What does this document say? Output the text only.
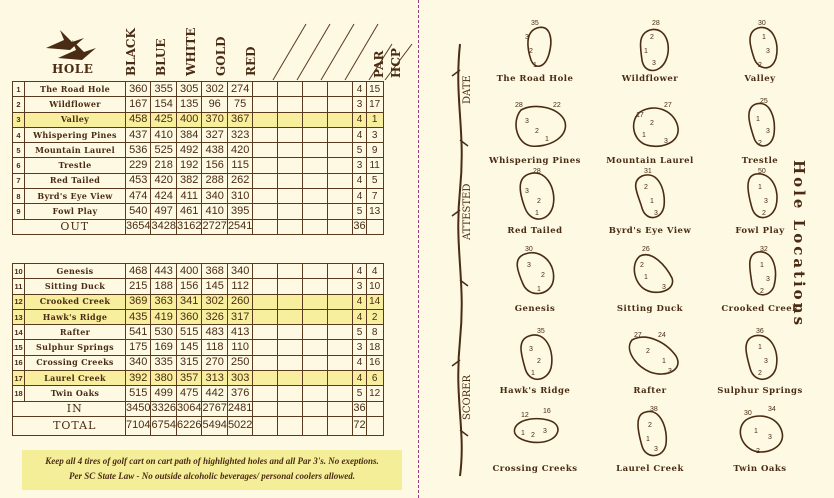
HOLE	BLACK BLUE WHITE GOLD RED	PAR HCP
1	The Road Hole	360	355	305	302	274					4	15
2	Wildflower	167	154	135	96	75					3	17
3	Valley	458	425	400	370	367					4	1
4	Whispering Pines	437	410	384	327	323					4	3
5	Mountain Laurel	536	525	492	438	420					5	9
6	Trestle	229	218	192	156	115					3	11
7	Red Tailed	453	420	382	288	262					4	5
8	Byrd's Eye View	474	424	411	340	310					4	7
9	Fowl Play	540	497	461	410	395					5	13
	OUT	3654	3428	3162	2727	2541					36	
10	Genesis	468	443	400	368	340					4	4
11	Sitting Duck	215	188	156	145	112					3	10
12	Crooked Creek	369	363	341	302	260					4	14
13	Hawk's Ridge	435	419	360	326	317					4	2
14	Rafter	541	530	515	483	413					5	8
15	Sulphur Springs	175	169	145	118	110					3	18
16	Crossing Creeks	340	335	315	270	250					4	16
17	Laurel Creek	392	380	357	313	303					4	6
18	Twin Oaks	515	499	475	442	376					5	12
	IN	3450	3326	3064	2767	2481					36	
	TOTAL	7104	6754	6226	5494	5022					72	
Keep all 4 tires of golf cart on cart path of highlighted holes and all Par 3's. No exeptions.
Per SC State Law - No outside alcoholic beverages/ personal coolers allowed.
DATE
ATTESTED
SCORER
Hole Locations
35
3
2
1
The Road Hole
28
2
1
3
Wildflower
30
1
3
2
Valley
28	22
3
2
1
Whispering Pines
17
27
2
1
3
Mountain Laurel
25
1
3
2
Trestle
28
3
2
1
Red Tailed
31
2
1
3
Byrd's Eye View
50
1
3
2
Fowl Play
30
3
2
1
Genesis
26
2
1
3
Sitting Duck
32
1
3
2
Crooked Creek
35
3
2
1
Hawk's Ridge
27 24
2
1
3
Rafter
36
1
3
2
Sulphur Springs
12
16
1 2
3
Crossing Creeks
38
2
1
3
Laurel Creek
30
34
1
3
2
Twin Oaks
